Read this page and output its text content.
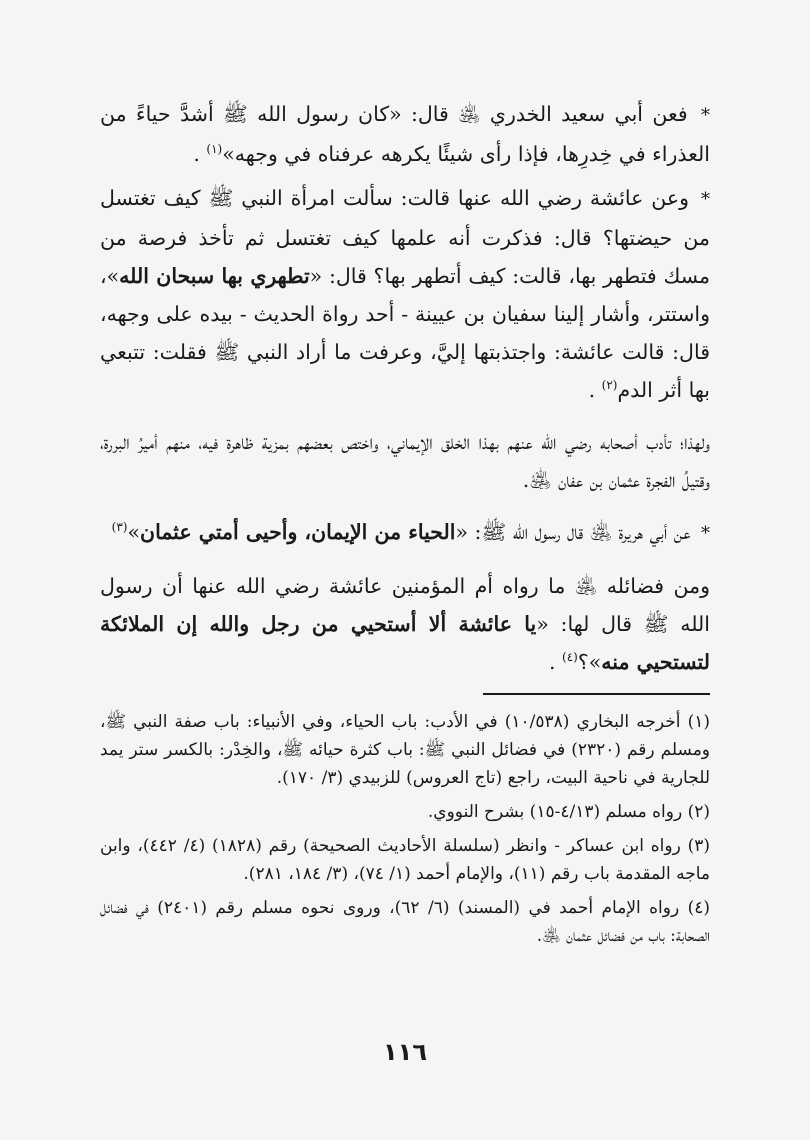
* فعن أبي سعيد الخدري ﵁ قال: «كان رسول الله ﷺ أشدَّ حياءً من العذراء في خِدرِها، فإذا رأى شيئًا يكرهه عرفناه في وجهه»$^{(١)}$ .

* وعن عائشة رضي الله عنها قالت: سألت امرأة النبي ﷺ كيف تغتسل من حيضتها؟ قال: فذكرت أنه علمها كيف تغتسل ثم تأخذ فرصة من مسك فتطهر بها، قالت: كيف أتطهر بها؟ قال: «تطهري بها سبحان الله»، واستتر، وأشار إلينا سفيان بن عيينة - أحد رواة الحديث - بيده على وجهه، قال: قالت عائشة: واجتذبتها إليَّ، وعرفت ما أراد النبي ﷺ فقلت: تتبعي بها أثر الدم$^{(٢)}$ .

ولهذا؛ تأدب أصحابه رضي الله عنهم بهذا الخلق الإيماني، واختص بعضهم بمزية ظاهرة فيه، منهم أميرُ البررة، وقتيلُ الفجرة عثمان بن عفان ﵁.

* عن أبي هريرة ﵁ قال رسول الله ﷺ: «الحياء من الإيمان، وأحيى أمتي عثمان»$^{(٣)}$

ومن فضائله ﵁ ما رواه أم المؤمنين عائشة رضي الله عنها أن رسول الله ﷺ قال لها: «يا عائشة ألا أستحيي من رجل والله إن الملائكة لتستحيي منه»؟$^{(٤)}$ .

(١) أخرجه البخاري (١٠/٥٣٨) في الأدب: باب الحياء، وفي الأنبياء: باب صفة النبي ﷺ، ومسلم رقم (٢٣٢٠) في فضائل النبي ﷺ: باب كثرة حيائه ﷺ، والخِدْر: بالكسر ستر يمد للجارية في ناحية البيت، راجع (تاج العروس) للزبيدي (٣/ ١٧٠).

(٢) رواه مسلم (٤/١٣-١٥) بشرح النووي.

(٣) رواه ابن عساكر - وانظر (سلسلة الأحاديث الصحيحة) رقم (١٨٢٨) (٤/ ٤٤٢)، وابن ماجه المقدمة باب رقم (١١)، والإمام أحمد (١/ ٧٤)، (٣/ ١٨٤، ٢٨١).

(٤) رواه الإمام أحمد في (المسند) (٦/ ٦٢)، وروى نحوه مسلم رقم (٢٤٠١) في فضائل الصحابة: باب من فضائل عثمان ﵁.

١١٦
